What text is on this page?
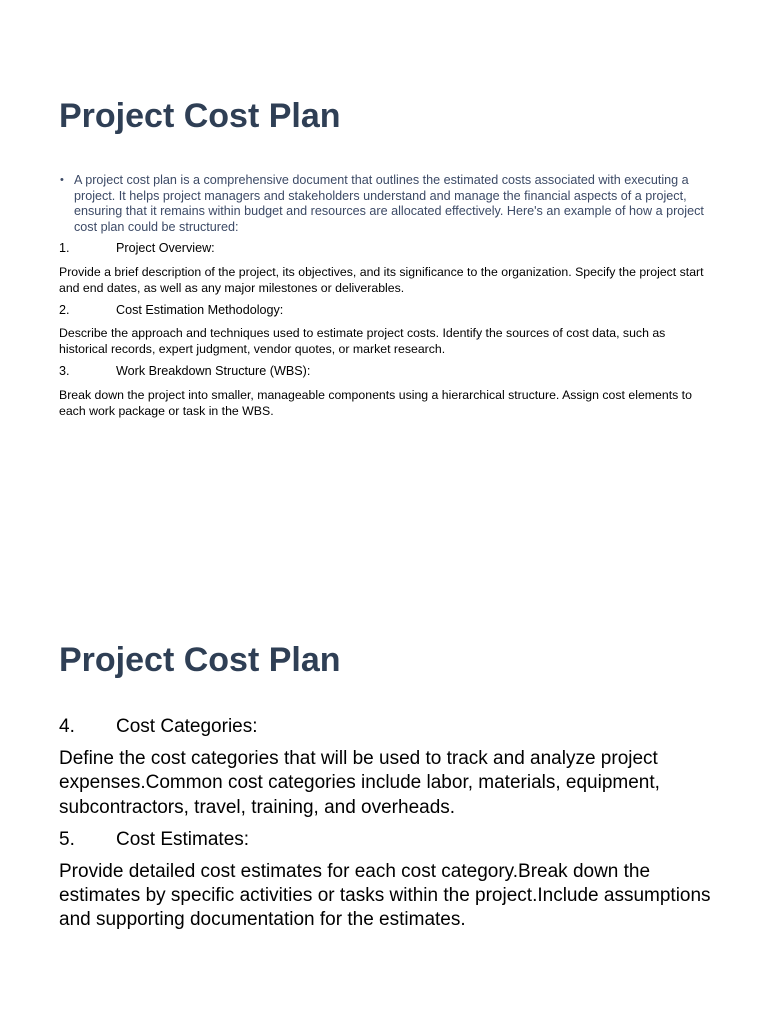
Project Cost Plan
• A project cost plan is a comprehensive document that outlines the estimated costs associated with executing a project. It helps project managers and stakeholders understand and manage the financial aspects of a project, ensuring that it remains within budget and resources are allocated effectively. Here's an example of how a project cost plan could be structured:
1.	Project Overview:

Provide a brief description of the project, its objectives, and its significance to the organization. Specify the project start and end dates, as well as any major milestones or deliverables.

2.	Cost Estimation Methodology:

Describe the approach and techniques used to estimate project costs. Identify the sources of cost data, such as historical records, expert judgment, vendor quotes, or market research.

3.	Work Breakdown Structure (WBS):

Break down the project into smaller, manageable components using a hierarchical structure. Assign cost elements to each work package or task in the WBS.

Project Cost Plan
4.	Cost Categories:

Define the cost categories that will be used to track and analyze project expenses.Common cost categories include labor, materials, equipment, subcontractors, travel, training, and overheads.

5.	Cost Estimates:

Provide detailed cost estimates for each cost category.Break down the estimates by specific activities or tasks within the project.Include assumptions and supporting documentation for the estimates.
